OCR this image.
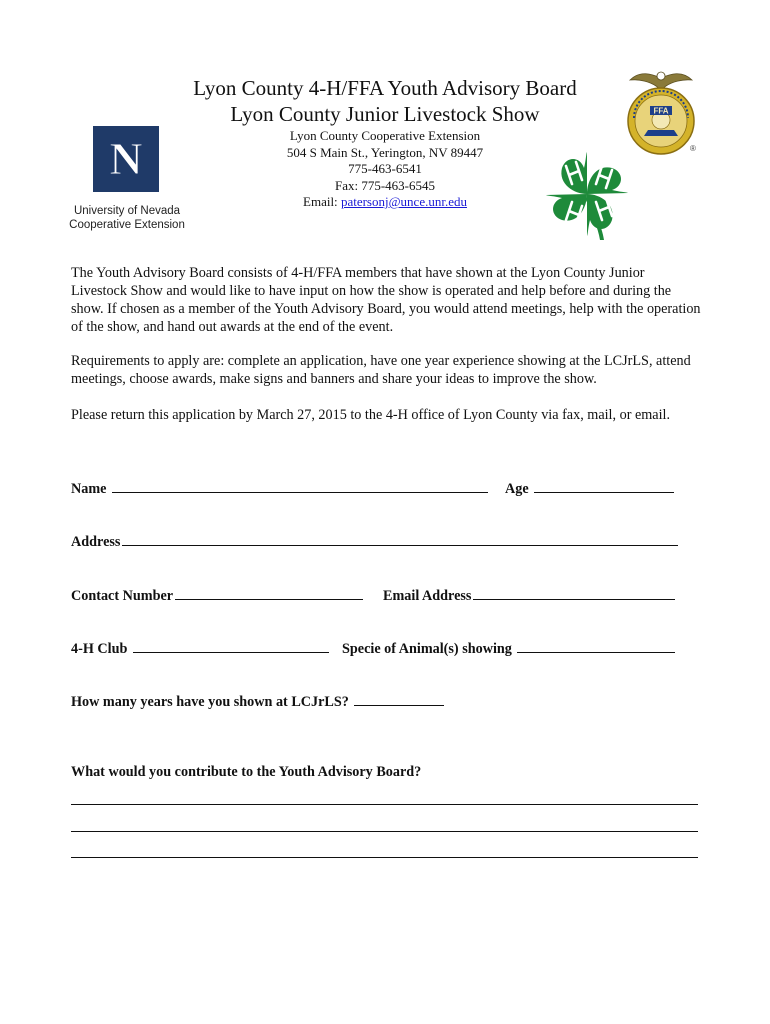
Lyon County 4-H/FFA Youth Advisory Board
Lyon County Junior Livestock Show
Lyon County Cooperative Extension
504 S Main St., Yerington, NV 89447
775-463-6541
Fax: 775-463-6545
Email: patersonj@unce.unr.edu
N
University of Nevada
Cooperative Extension
FFA
®
The Youth Advisory Board consists of 4-H/FFA members that have shown at the Lyon County Junior Livestock Show and would like to have input on how the show is operated and help before and during the show. If chosen as a member of the Youth Advisory Board, you would attend meetings, help with the operation of the show, and hand out awards at the end of the event.
Requirements to apply are: complete an application, have one year experience showing at the LCJrLS, attend meetings, choose awards, make signs and banners and share your ideas to improve the show.
Please return this application by March 27, 2015 to the 4-H office of Lyon County via fax, mail, or email.
Name	Age
Address
Contact Number	Email Address
4-H Club	Specie of Animal(s) showing
How many years have you shown at LCJrLS?
What would you contribute to the Youth Advisory Board?
